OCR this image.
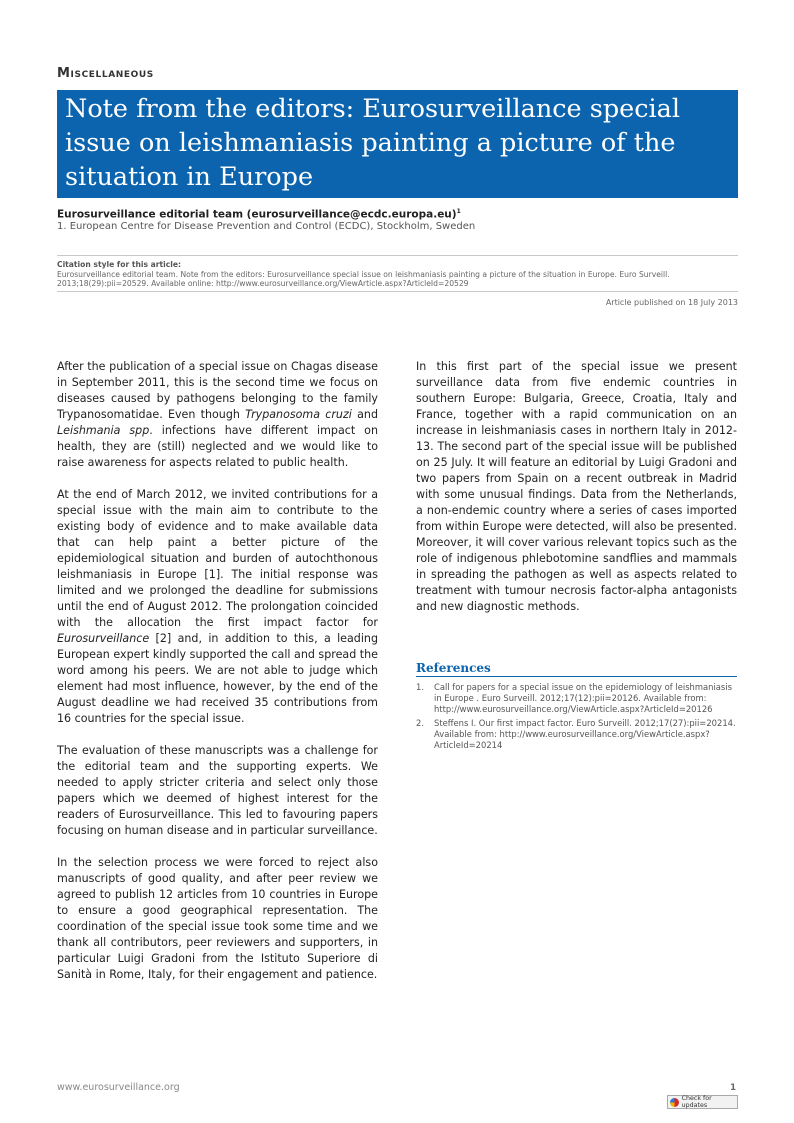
Miscellaneous
Note from the editors: Eurosurveillance special issue on leishmaniasis painting a picture of the situation in Europe
Eurosurveillance editorial team (eurosurveillance@ecdc.europa.eu)$^1$
1. European Centre for Disease Prevention and Control (ECDC), Stockholm, Sweden
Citation style for this article:
Eurosurveillance editorial team. Note from the editors: Eurosurveillance special issue on leishmaniasis painting a picture of the situation in Europe. Euro Surveill. 2013;18(29):pii=20529. Available online: http://www.eurosurveillance.org/ViewArticle.aspx?ArticleId=20529
Article published on 18 July 2013

After the publication of a special issue on Chagas disease in September 2011, this is the second time we focus on diseases caused by pathogens belonging to the family Trypanosomatidae. Even though Trypanosoma cruzi and Leishmania spp. infections have different impact on health, they are (still) neglected and we would like to raise awareness for aspects related to public health.

At the end of March 2012, we invited contributions for a special issue with the main aim to contribute to the existing body of evidence and to make available data that can help paint a better picture of the epidemiological situation and burden of autochthonous leishmaniasis in Europe [1]. The initial response was limited and we prolonged the deadline for submissions until the end of August 2012. The prolongation coincided with the allocation the first impact factor for Eurosurveillance [2] and, in addition to this, a leading European expert kindly supported the call and spread the word among his peers. We are not able to judge which element had most influence, however, by the end of the August deadline we had received 35 contributions from 16 countries for the special issue.

The evaluation of these manuscripts was a challenge for the editorial team and the supporting experts. We needed to apply stricter criteria and select only those papers which we deemed of highest interest for the readers of Eurosurveillance. This led to favouring papers focusing on human disease and in particular surveillance.

In the selection process we were forced to reject also manuscripts of good quality, and after peer review we agreed to publish 12 articles from 10 countries in Europe to ensure a good geographical representation. The coordination of the special issue took some time and we thank all contributors, peer reviewers and supporters, in particular Luigi Gradoni from the Istituto Superiore di Sanità in Rome, Italy, for their engagement and patience.

In this first part of the special issue we present surveillance data from five endemic countries in southern Europe: Bulgaria, Greece, Croatia, Italy and France, together with a rapid communication on an increase in leishmaniasis cases in northern Italy in 2012-13. The second part of the special issue will be published on 25 July. It will feature an editorial by Luigi Gradoni and two papers from Spain on a recent outbreak in Madrid with some unusual findings. Data from the Netherlands, a non-endemic country where a series of cases imported from within Europe were detected, will also be presented. Moreover, it will cover various relevant topics such as the role of indigenous phlebotomine sandflies and mammals in spreading the pathogen as well as aspects related to treatment with tumour necrosis factor-alpha antagonists and new diagnostic methods.

References
1.	Call for papers for a special issue on the epidemiology of leishmaniasis in Europe . Euro Surveill. 2012;17(12):pii=20126. Available from: http://www.eurosurveillance.org/ViewArticle.aspx?ArticleId=20126
2.	Steffens I. Our first impact factor. Euro Surveill. 2012;17(27):pii=20214. Available from: http://www.eurosurveillance.org/ViewArticle.aspx?ArticleId=20214
www.eurosurveillance.org	1
Check for updates
